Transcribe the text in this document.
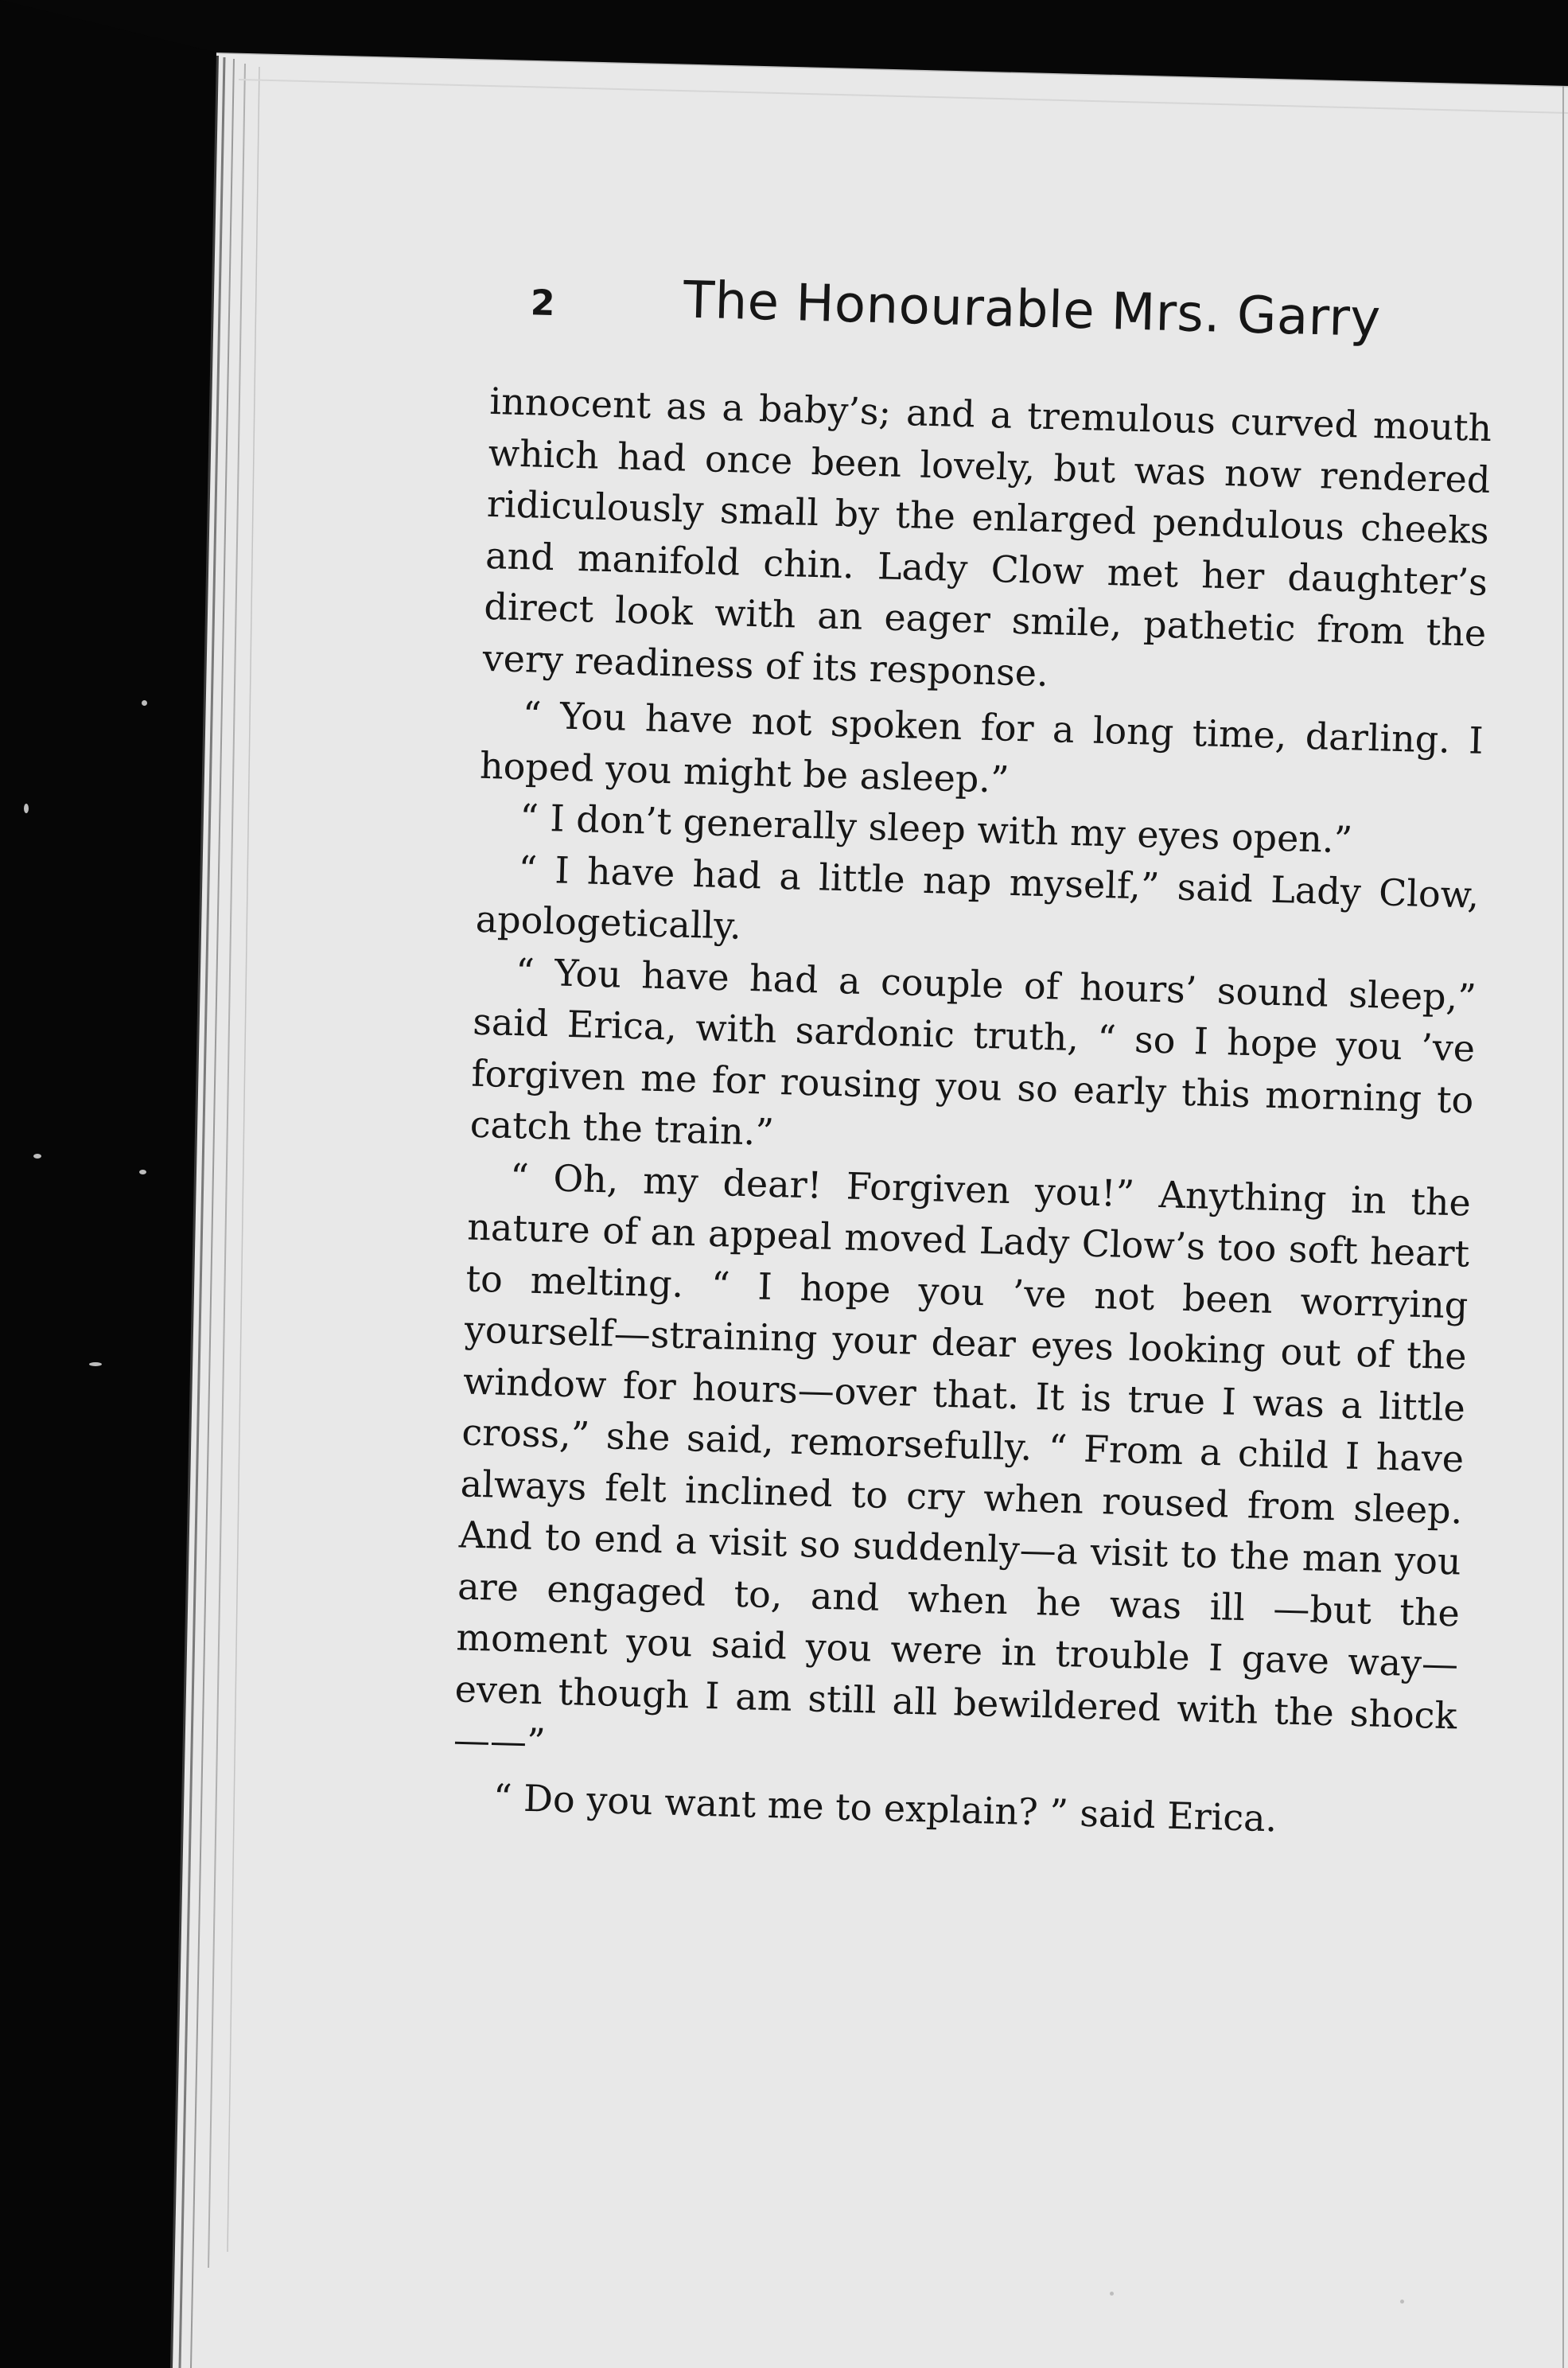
2 The Honourable Mrs. Garry

innocent as a baby’s; and a tremulous curved mouth which had once been lovely, but was now rendered ridiculously small by the enlarged pendulous cheeks and manifold chin. Lady Clow met her daughter’s direct look with an eager smile, pathetic from the very readiness of its response.

“ You have not spoken for a long time, darling. I hoped you might be asleep.”

“ I don’t generally sleep with my eyes open.”

“ I have had a little nap myself,” said Lady Clow, apologetically.

“ You have had a couple of hours’ sound sleep,” said Erica, with sardonic truth, “ so I hope you ’ve forgiven me for rousing you so early this morning to catch the train.”

“ Oh, my dear! Forgiven you!” Anything in the nature of an appeal moved Lady Clow’s too soft heart to melting. “ I hope you ’ve not been worrying yourself—straining your dear eyes looking out of the window for hours—over that. It is true I was a little cross,” she said, remorsefully. “ From a child I have always felt inclined to cry when roused from sleep. And to end a visit so suddenly—a visit to the man you are engaged to, and when he was ill —but the moment you said you were in trouble I gave way—even though I am still all bewildered with the shock——”

“ Do you want me to explain? ” said Erica.
